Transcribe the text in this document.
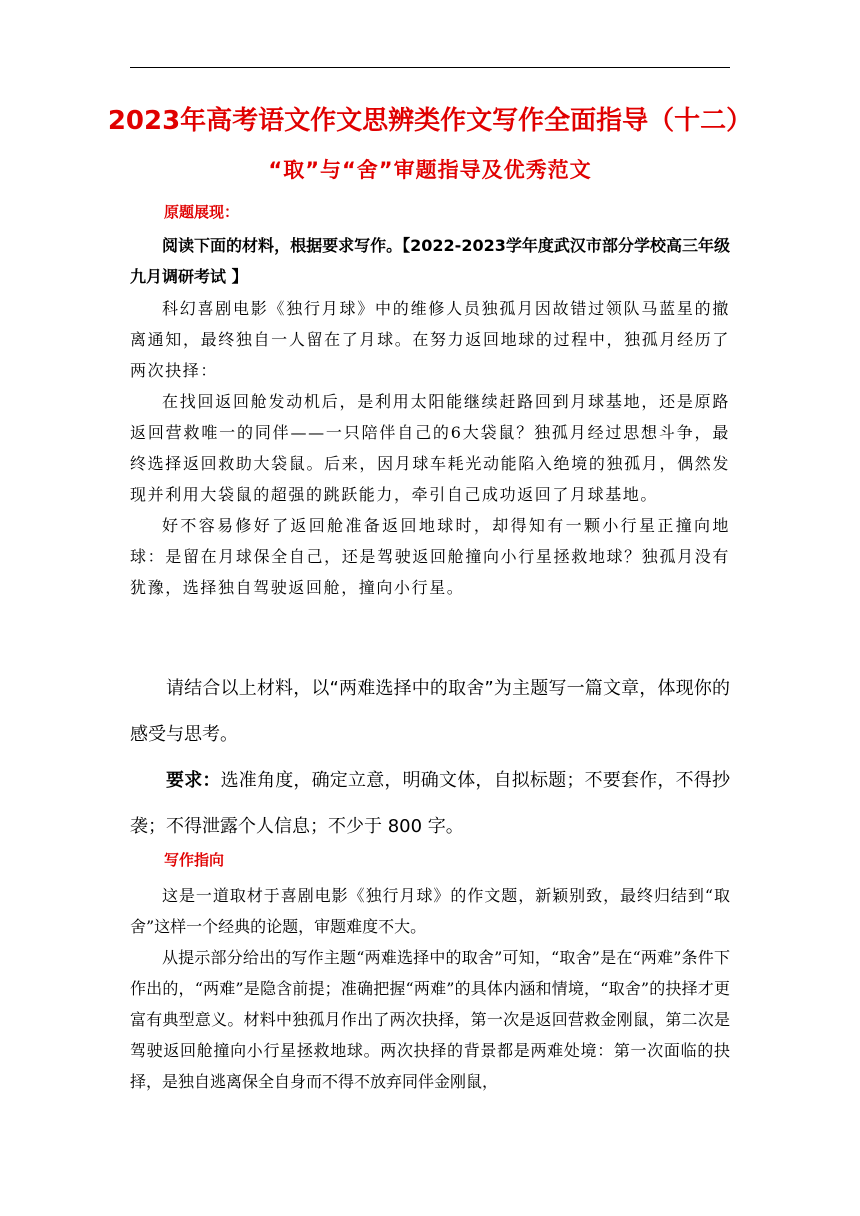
2023年高考语文作文思辨类作文写作全面指导（十二）
“取”与“舍”审题指导及优秀范文
原题展现：

阅读下面的材料，根据要求写作。【2022-2023学年度武汉市部分学校高三年级九月调研考试 】

科幻喜剧电影《独行月球》中的维修人员独孤月因故错过领队马蓝星的撤离通知，最终独自一人留在了月球。在努力返回地球的过程中，独孤月经历了两次抉择：

在找回返回舱发动机后，是利用太阳能继续赶路回到月球基地，还是原路返回营救唯一的同伴——一只陪伴自己的6大袋鼠？独孤月经过思想斗争，最终选择返回救助大袋鼠。后来，因月球车耗光动能陷入绝境的独孤月，偶然发现并利用大袋鼠的超强的跳跃能力，牵引自己成功返回了月球基地。

好不容易修好了返回舱准备返回地球时，却得知有一颗小行星正撞向地球：是留在月球保全自己，还是驾驶返回舱撞向小行星拯救地球？独孤月没有犹豫，选择独自驾驶返回舱，撞向小行星。

请结合以上材料，以“两难选择中的取舍”为主题写一篇文章，体现你的感受与思考。

要求：选准角度，确定立意，明确文体，自拟标题；不要套作，不得抄袭；不得泄露个人信息；不少于 800 字。

写作指向

这是一道取材于喜剧电影《独行月球》的作文题，新颖别致，最终归结到“取舍”这样一个经典的论题，审题难度不大。

从提示部分给出的写作主题“两难选择中的取舍”可知，“取舍”是在“两难”条件下作出的，“两难”是隐含前提；准确把握“两难”的具体内涵和情境，“取舍”的抉择才更富有典型意义。材料中独孤月作出了两次抉择，第一次是返回营救金刚鼠，第二次是驾驶返回舱撞向小行星拯救地球。两次抉择的背景都是两难处境：第一次面临的抉择，是独自逃离保全自身而不得不放弃同伴金刚鼠，
